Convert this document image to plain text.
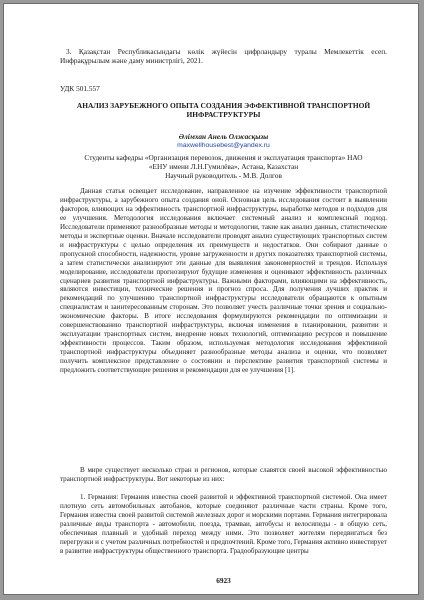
3. Қазақстан Республикасындағы көлік жүйесін цифрландыру туралы Мемлекеттік есеп. Инфрақұрылым және даму министрлігі, 2021.

УДК 501.557

АНАЛИЗ ЗАРУБЕЖНОГО ОПЫТА СОЗДАНИЯ ЭФФЕКТИВНОЙ ТРАНСПОРТНОЙ ИНФРАСТРУКТУРЫ

Әлімхан Анель Олжасқызы

maxwellhousebest@yandex.ru

Студенты кафедры «Организация перевозок, движения и эксплуатация транспорта» НАО

«ЕНУ имени Л.Н.Гумилёва», Астана, Казахстан

Научный руководитель - М.В. Долгов

Данная статья освещает исследование, направленное на изучение эффективности транспортной инфраструктуры, а зарубежного опыта создания оной. Основная цель исследования состоит в выявлении факторов, влияющих на эффективность транспортной инфраструктуры, выработке методов и подходов для ее улучшения. Методология исследования включает системный анализ и комплексный подход. Исследователи применяют разнообразные методы и методологии, такие как анализ данных, статистические методы и экспертные оценки. Вначале исследователи проводят анализ существующих транспортных систем и инфраструктуры с целью определения их преимуществ и недостатков. Они собирают данные о пропускной способности, надежности, уровне загруженности и других показателях транспортной системы, а затем статистически анализируют эти данные для выявления закономерностей и трендов. Используя моделирование, исследователи прогнозируют будущие изменения и оценивают эффективность различных сценариев развития транспортной инфраструктуры. Важными факторами, влияющими на эффективность, являются инвестиции, технические решения и прогноз спроса. Для получения лучших практик и рекомендаций по улучшению транспортной инфраструктуры исследователи обращаются к опытным специалистам и заинтересованным сторонам. Это позволяет учесть различные точки зрения и социально-экономические факторы. В итоге исследования формулируются рекомендации по оптимизации и совершенствованию транспортной инфраструктуры, включая изменения в планировании, развитии и эксплуатации транспортных систем, внедрение новых технологий, оптимизацию ресурсов и повышение эффективности процессов. Таким образом, используемая методология исследования эффективной транспортной инфраструктуры объединяет разнообразные методы анализа и оценки, что позволяет получить комплексное представление о состоянии и перспективе развития транспортной системы и предложить соответствующие решения и рекомендации для ее улучшения [1].

В мире существует несколько стран и регионов, которые славятся своей высокой эффективностью транспортной инфраструктуры. Вот некоторые из них:

1. Германия: Германия известна своей развитой и эффективной транспортной системой. Она имеет плотную сеть автомобильных автобанов, которые соединяют различные части страны. Кроме того, Германия известна своей развитой системой железных дорог и морскими портами. Германия интегрировала различные виды транспорта - автомобили, поезда, трамваи, автобусы и велосипеды - в общую сеть, обеспечивая плавный и удобный переход между ними. Это позволяет жителям передвигаться без перегрузки и с учетом различных потребностей и предпочтений. Кроме того, Германия активно инвестирует в развитие инфраструктуры общественного транспорта. Градообразующие центры

6923
